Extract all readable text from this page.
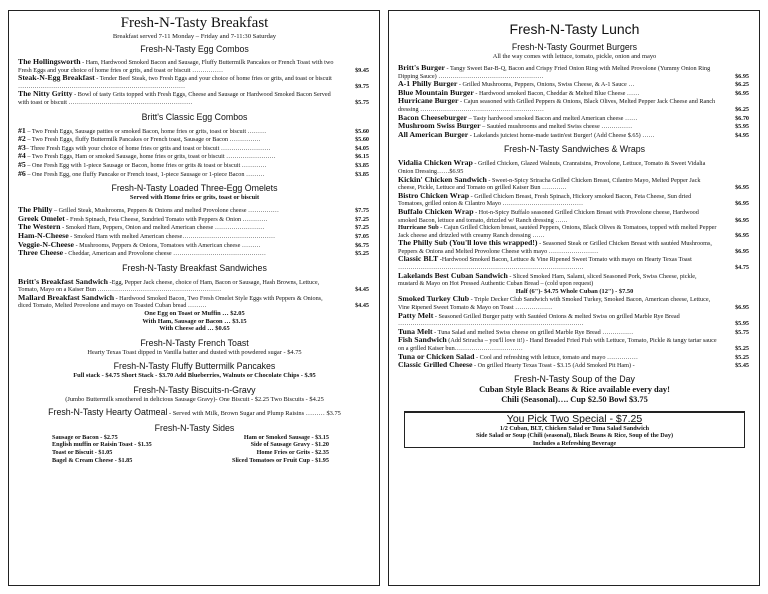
Fresh-N-Tasty Breakfast
Breakfast served 7-11 Monday – Friday and 7-11:30 Saturday
Fresh-N-Tasty Egg Combos
The Hollingsworth - Ham, Hardwood Smoked Bacon and Sausage, Fluffy Buttermilk Pancakes or French Toast with two Fresh Eggs and your choice of home fries or grits, and toast or biscuit ……………	$9.45
Steak-N-Egg Breakfast - Tender Beef Steak, two Fresh Eggs and your choice of home fries or grits, and toast or biscuit ………………………………………………………………………	$9.75
The Nitty Gritty - Bowl of tasty Grits topped with Fresh Eggs, Cheese and Sausage or Hardwood Smoked Bacon Served with toast or biscuit ……………………………………………………	$5.75
Britt's Classic Egg Combos
#1 – Two Fresh Eggs, Sausage patties or smoked Bacon, home fries or grits, toast or biscuit ………	$5.60
#2 – Two Fresh Eggs, fluffy Buttermilk Pancakes or French toast, Sausage or Bacon ……………	$5.60
#3– Three Fresh Eggs with your choice of home fries or grits and toast or biscuit ……………………	$4.05
#4 – Two Fresh Eggs, Ham or smoked Sausage, home fries or grits, toast or biscuit ……………………	$6.15
#5 – One Fresh Egg with 1-piece Sausage or Bacon, home fries or grits & toast or biscuit …………	$3.85
#6 – One Fresh Egg, one fluffy Pancake or French toast, 1-piece Sausage or 1-piece Bacon ………	$3.85
Fresh-N-Tasty Loaded Three-Egg Omelets
Served with Home fries or grits, toast or biscuit
The Philly – Grilled Steak, Mushrooms, Peppers & Onions and melted Provolone cheese ……………	$7.75
Greek Omelet - Fresh Spinach, Feta Cheese, Sundried Tomato with Peppers & Onion …………	$7.25
The Western - Smoked Ham, Peppers, Onion and melted American cheese ……………………	$7.25
Ham-N-Cheese - Smoked Ham with melted American cheese………………………………………	$7.05
Veggie-N-Cheese - Mushrooms, Peppers & Onions, Tomatoes with American cheese ………	$6.75
Three Cheese - Cheddar, American and Provolone cheese ………………………………………	$5.25
Fresh-N-Tasty Breakfast Sandwiches
Britt's Breakfast Sandwich -Egg, Pepper Jack cheese, choice of Ham, Bacon or Sausage, Hash Browns, Lettuce, Tomato, Mayo on a Kaiser Bun ……………………………………………………	$4.45
Mallard Breakfast Sandwich - Hardwood Smoked Bacon, Two Fresh Omelet Style Eggs with Peppers & Onions, diced Tomato, Melted Provolone and mayo on Toasted Cuban bread ………	$4.45
One Egg on Toast or Muffin … $2.05
With Ham, Sausage or Bacon … $3.15
With Cheese add … $0.65
Fresh-N-Tasty French Toast
Hearty Texas Toast dipped in Vanilla batter and dusted with powdered sugar - $4.75
Fresh-N-Tasty Fluffy Buttermilk Pancakes
Full stack - $4.75 Short Stack - $3.70 Add Blueberries, Walnuts or Chocolate Chips - $.95
Fresh-N-Tasty Biscuits-n-Gravy
(Jumbo Buttermilk smothered in delicious Sausage Gravy)- One Biscuit - $2.25 Two Biscuits - $4.25
Fresh-N-Tasty Hearty Oatmeal - Served with Milk, Brown Sugar and Plump Raisins ……… $3.75
Fresh-N-Tasty Sides
Sausage or Bacon - $2.75	Ham or Smoked Sausage - $3.15
English muffin or Raisin Toast - $1.35	Side of Sausage Gravy - $1.20
Toast or Biscuit - $1.05	Home Fries or Grits - $2.35
Bagel & Cream Cheese - $1.85	Sliced Tomatoes or Fruit Cup - $1.95
Fresh-N-Tasty Lunch
Fresh-N-Tasty Gourmet Burgers
All the way comes with lettuce, tomato, pickle, onion and mayo
Britt's Burger - Tangy Sweet Bar-B-Q, Bacon and Crispy Fried Onion Ring with Melted Provolone (Yummy Onion Ring Dipping Sauce) ……………………………………………	$6.95
A-1 Philly Burger - Grilled Mushrooms, Peppers, Onions, Swiss Cheese, & A-1 Sauce …	$6.25
Blue Mountain Burger - Hardwood smoked Bacon, Cheddar & Melted Blue Cheese ……	$6.95
Hurricane Burger - Cajun seasoned with Grilled Peppers & Onions, Black Olives, Melted Pepper Jack Cheese and Ranch dressing ……………………………………………………	$6.25
Bacon Cheeseburger – Tasty hardwood smoked Bacon and melted American cheese ……	$6.70
Mushroom Swiss Burger – Sautéed mushrooms and melted Swiss cheese ……………	$5.95
All American Burger - Lakelands juiciest home-made tastin'est Burger! (Add Cheese $.65) ……	$4.95
Fresh-N-Tasty Sandwiches & Wraps
Vidalia Chicken Wrap - Grilled Chicken, Glazed Walnuts, Cranraisins, Provolone, Lettuce, Tomato & Sweet Vidalia Onion Dressing……$6.95
Kickin' Chicken Sandwich - Sweet-n-Spicy Sriracha Grilled Chicken Breast, Cilantro Mayo, Melted Pepper Jack cheese, Pickle, Lettuce and Tomato on grilled Kaiser Bun …………	$6.95
Bistro Chicken Wrap - Grilled Chicken Breast, Fresh Spinach, Hickory smoked Bacon, Feta Cheese, Sun dried Tomatoes, grilled onion & Cilantro Mayo …………………………………	$6.95
Buffalo Chicken Wrap - Hot-n-Spicy Buffalo seasoned Grilled Chicken Breast with Provolone cheese, Hardwood smoked Bacon, lettuce and tomato, drizzled w/ Ranch dressing ……	$6.95
Hurricane Sub - Cajun Grilled Chicken breast, sautéed Peppers, Onions, Black Olives & Tomatoes, topped with melted Pepper Jack cheese and drizzled with creamy Ranch dressing ……	$6.95
The Philly Sub (You'll love this wrapped!) - Seasoned Steak or Grilled Chicken Breast with sautéed Mushrooms, Peppers & Onions and Melted Provolone Cheese with mayo ……………………	$6.95
Classic BLT -Hardwood Smoked Bacon, Lettuce & Vine Ripened Sweet Tomato with mayo on Hearty Texas Toast ………………………………………………………………………………	$4.75
Lakelands Best Cuban Sandwich - Sliced Smoked Ham, Salami, sliced Seasoned Pork, Swiss Cheese, pickle, mustard & Mayo on Hot Pressed Authentic Cuban Bread – (cold upon request)
Half (6")- $4.75 Whole Cuban (12") - $7.50
Smoked Turkey Club - Triple Decker Club Sandwich with Smoked Turkey, Smoked Bacon, American cheese, Lettuce, Vine Ripened Sweet Tomato & Mayo on Toast ………………	$6.95
Patty Melt - Seasoned Grilled Burger patty with Sautéed Onions & melted Swiss on grilled Marble Rye Bread ………………………………………………………………………………	$5.95
Tuna Melt - Tuna Salad and melted Swiss cheese on grilled Marble Rye Bread ……………	$5.75
Fish Sandwich (Add Sriracha – you'll love it!) - Hand Breaded Fried Fish with Lettuce, Tomato, Pickle & tangy tartar sauce on a grilled Kaiser bun……………………………	$5.25
Tuna or Chicken Salad - Cool and refreshing with lettuce, tomato and mayo ……………	$5.25
Classic Grilled Cheese - On grilled Hearty Texas Toast - $3.15 (Add Smoked Pit Ham) -	$5.45
Fresh-N-Tasty Soup of the Day
Cuban Style Black Beans & Rice available every day!
Chili (Seasonal)…. Cup $2.50 Bowl $3.75
You Pick Two Special - $7.25
1/2 Cuban, BLT, Chicken Salad or Tuna Salad Sandwich
Side Salad or Soup (Chili (seasonal), Black Beans & Rice, Soup of the Day)
Includes a Refreshing Beverage
